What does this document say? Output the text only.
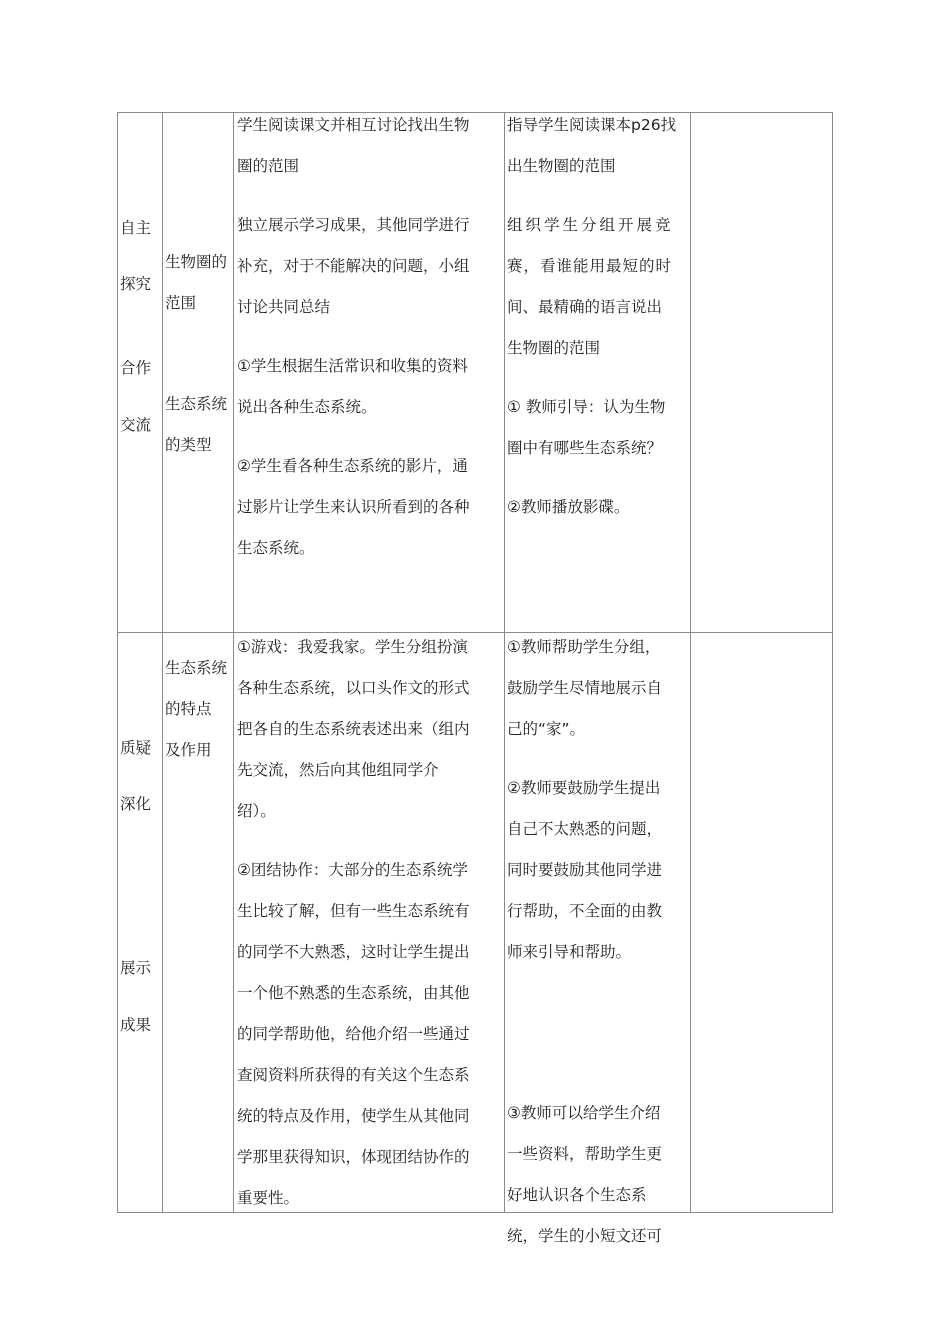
自主

探究

合作

交流

生物圈的

范围

生态系统

的类型

学生阅读课文并相互讨论找出生物

圈的范围

独立展示学习成果，其他同学进行

补充，对于不能解决的问题，小组

讨论共同总结

①学生根据生活常识和收集的资料

说出各种生态系统。

②学生看各种生态系统的影片，通

过影片让学生来认识所看到的各种

生态系统。

指导学生阅读课本p26找

出生物圈的范围

组织学生分组开展竞

赛，看谁能用最短的时

间、最精确的语言说出

生物圈的范围

① 教师引导：认为生物

圈中有哪些生态系统？

②教师播放影碟。

质疑

深化

展示

成果

生态系统

的特点

及作用

①游戏：我爱我家。学生分组扮演

各种生态系统，以口头作文的形式

把各自的生态系统表述出来（组内

先交流，然后向其他组同学介

绍）。

②团结协作：大部分的生态系统学

生比较了解，但有一些生态系统有

的同学不大熟悉，这时让学生提出

一个他不熟悉的生态系统，由其他

的同学帮助他，给他介绍一些通过

查阅资料所获得的有关这个生态系

统的特点及作用，使学生从其他同

学那里获得知识，体现团结协作的

重要性。

①教师帮助学生分组，

鼓励学生尽情地展示自

己的“家”。

②教师要鼓励学生提出

自己不太熟悉的问题，

同时要鼓励其他同学进

行帮助，不全面的由教

师来引导和帮助。

③教师可以给学生介绍

一些资料，帮助学生更

好地认识各个生态系

统，学生的小短文还可
